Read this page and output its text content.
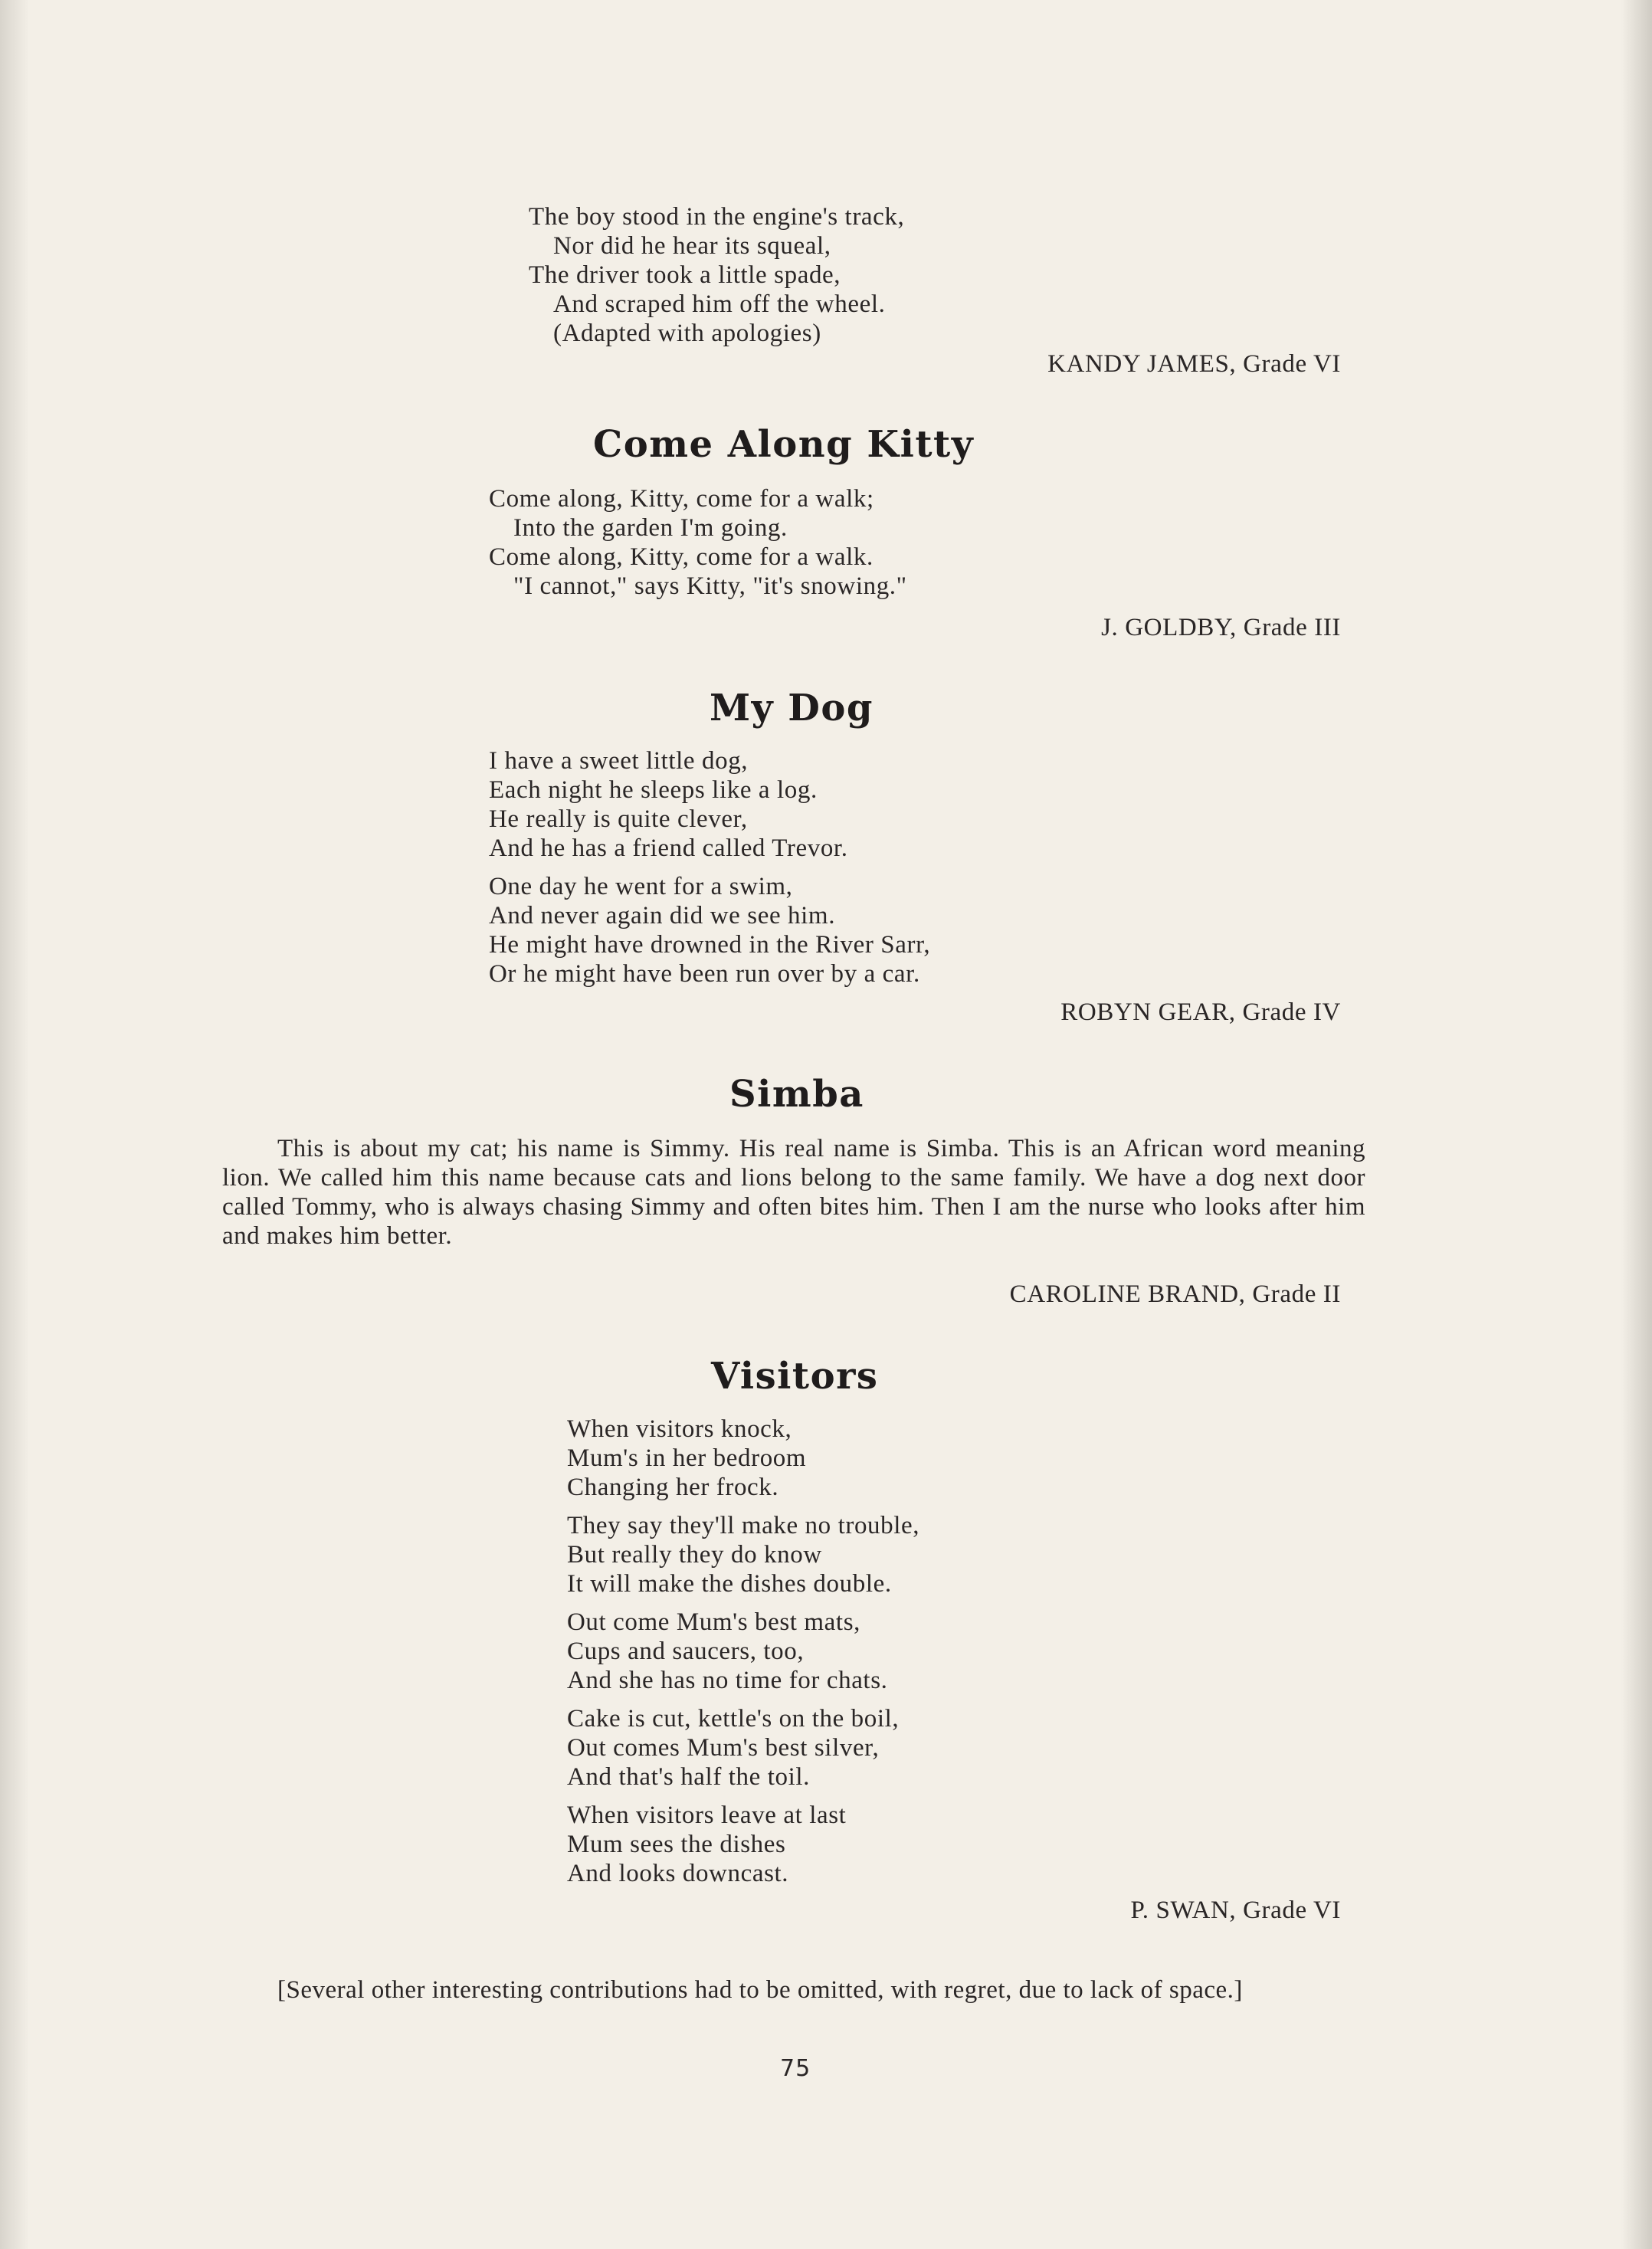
The boy stood in the engine's track,
Nor did he hear its squeal,
The driver took a little spade,
And scraped him off the wheel.
(Adapted with apologies)
KANDY JAMES, Grade VI
Come Along Kitty
Come along, Kitty, come for a walk;
Into the garden I'm going.
Come along, Kitty, come for a walk.
"I cannot," says Kitty, "it's snowing."
J. GOLDBY, Grade III
My Dog
I have a sweet little dog,
Each night he sleeps like a log.
He really is quite clever,
And he has a friend called Trevor.
One day he went for a swim,
And never again did we see him.
He might have drowned in the River Sarr,
Or he might have been run over by a car.
ROBYN GEAR, Grade IV
Simba
This is about my cat; his name is Simmy. His real name is Simba. This is an African word meaning lion. We called him this name because cats and lions belong to the same family. We have a dog next door called Tommy, who is always chasing Simmy and often bites him. Then I am the nurse who looks after him and makes him better.
CAROLINE BRAND, Grade II
Visitors
When visitors knock,
Mum's in her bedroom
Changing her frock.
They say they'll make no trouble,
But really they do know
It will make the dishes double.
Out come Mum's best mats,
Cups and saucers, too,
And she has no time for chats.
Cake is cut, kettle's on the boil,
Out comes Mum's best silver,
And that's half the toil.
When visitors leave at last
Mum sees the dishes
And looks downcast.
P. SWAN, Grade VI
[Several other interesting contributions had to be omitted, with regret, due to lack of space.]
75
